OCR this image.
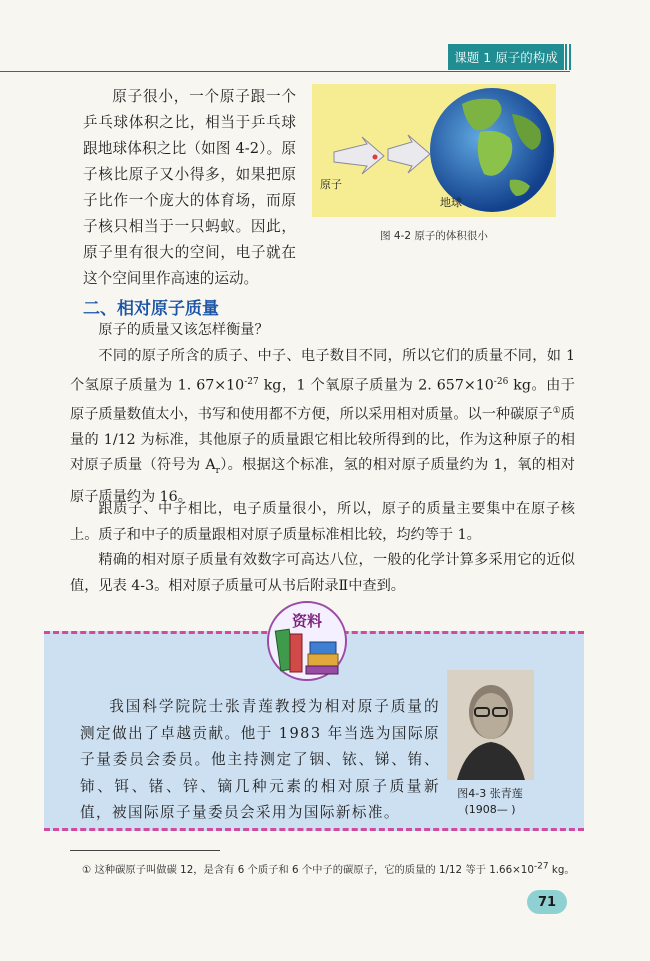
课题 1 原子的构成

原子很小，一个原子跟一个乒乓球体积之比，相当于乒乓球跟地球体积之比（如图 4-2）。原子核比原子又小得多，如果把原子比作一个庞大的体育场，而原子核只相当于一只蚂蚁。因此，原子里有很大的空间，电子就在这个空间里作高速的运动。

原子
地球
图 4-2 原子的体积很小
二、相对原子质量

原子的质量又该怎样衡量？

不同的原子所含的质子、中子、电子数目不同，所以它们的质量不同，如 1 个氢原子质量为 1. $67\times 10^{-27}$ kg，1 个氧原子质量为 2. $657\times 10^{-26}$ kg。由于原子质量数值太小，书写和使用都不方便，所以采用相对质量。以一种碳原子①质量的 1/12 为标准，其他原子的质量跟它相比较所得到的比，作为这种原子的相对原子质量（符号为 $A_r$）。根据这个标准，氢的相对原子质量约为 1，氧的相对原子质量约为 16。

跟质子、中子相比，电子质量很小，所以，原子的质量主要集中在原子核上。质子和中子的质量跟相对原子质量标准相比较，均约等于 1。

精确的相对原子质量有效数字可高达八位，一般的化学计算多采用它的近似值，见表 4-3。相对原子质量可从书后附录Ⅱ中查到。

资料

我国科学院院士张青莲教授为相对原子质量的测定做出了卓越贡献。他于 1983 年当选为国际原子量委员会委员。他主持测定了铟、铱、锑、铕、铈、铒、锗、锌、镝几种元素的相对原子质量新值，被国际原子量委员会采用为国际新标准。

图4-3 张青莲
(1908— )
① 这种碳原子叫做碳 12，是含有 6 个质子和 6 个中子的碳原子，它的质量的 1/12 等于 $1.66\times 10^{-27}$ kg。
71
